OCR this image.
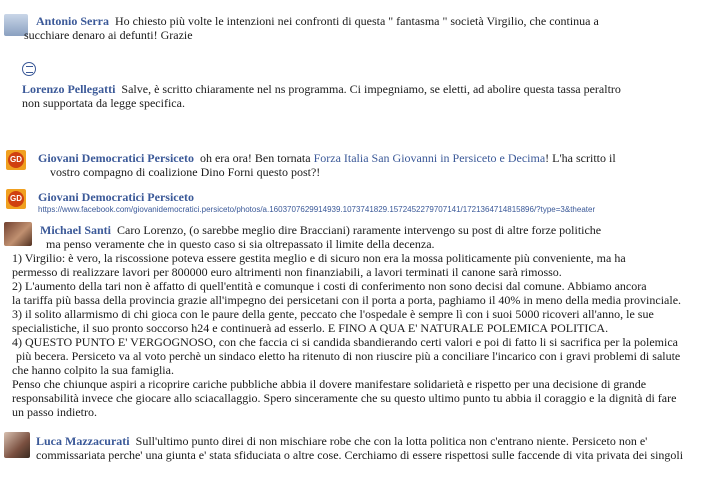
Antonio Serra Ho chiesto più volte le intenzioni nei confronti di questa " fantasma " società Virgilio, che continua a
succhiare denaro ai defunti! Grazie
Lorenzo Pellegatti Salve, è scritto chiaramente nel ns programma. Ci impegniamo, se eletti, ad abolire questa tassa peraltro
non supportata da legge specifica.
GD Giovani Democratici Persiceto oh era ora! Ben tornata Forza Italia San Giovanni in Persiceto e Decima! L'ha scritto il
vostro compagno di coalizione Dino Forni questo post?!
GD Giovani Democratici Persiceto
https://www.facebook.com/giovanidemocratici.persiceto/photos/a.1603707629914939.1073741829.1572452279707141/1721364714815896/?type=3&theater
Michael Santi Caro Lorenzo, (o sarebbe meglio dire Bracciani) raramente intervengo su post di altre forze politiche
ma penso veramente che in questo caso si sia oltrepassato il limite della decenza.
1) Virgilio: è vero, la riscossione poteva essere gestita meglio e di sicuro non era la mossa politicamente più conveniente, ma ha
permesso di realizzare lavori per 800000 euro altrimenti non finanziabili, a lavori terminati il canone sarà rimosso.
2) L'aumento della tari non è affatto di quell'entità e comunque i costi di conferimento non sono decisi dal comune. Abbiamo ancora
la tariffa più bassa della provincia grazie all'impegno dei persicetani con il porta a porta, paghiamo il 40% in meno della media provinciale.
3) il solito allarmismo di chi gioca con le paure della gente, peccato che l'ospedale è sempre lì con i suoi 5000 ricoveri all'anno, le sue
specialistiche, il suo pronto soccorso h24 e continuerà ad esserlo. E FINO A QUA E' NATURALE POLEMICA POLITICA.
4) QUESTO PUNTO E' VERGOGNOSO, con che faccia ci si candida sbandierando certi valori e poi di fatto li si sacrifica per la polemica
più becera. Persiceto va al voto perchè un sindaco eletto ha ritenuto di non riuscire più a conciliare l'incarico con i gravi problemi di salute
che hanno colpito la sua famiglia.
Penso che chiunque aspiri a ricoprire cariche pubbliche abbia il dovere manifestare solidarietà e rispetto per una decisione di grande
responsabilità invece che giocare allo sciacallaggio. Spero sinceramente che su questo ultimo punto tu abbia il coraggio e la dignità di fare
un passo indietro.
Luca Mazzacurati Sull'ultimo punto direi di non mischiare robe che con la lotta politica non c'entrano niente. Persiceto non e'
commissariata perche' una giunta e' stata sfiduciata o altre cose. Cerchiamo di essere rispettosi sulle faccende di vita privata dei singoli
